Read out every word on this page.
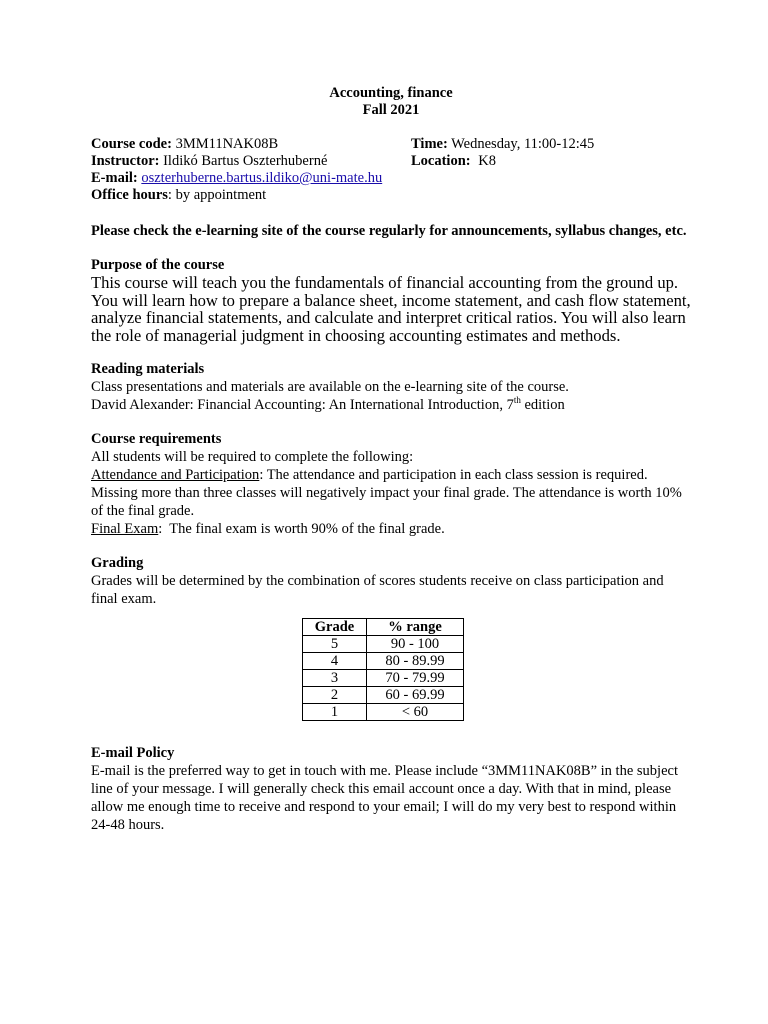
Accounting, finance
Fall 2021
Course code: 3MM11NAK08B	Time: Wednesday, 11:00-12:45
Instructor: Ildikó Bartus Oszterhuberné	Location: K8
E-mail: oszterhuberne.bartus.ildiko@uni-mate.hu
Office hours: by appointment
Please check the e-learning site of the course regularly for announcements, syllabus changes, etc.
Purpose of the course
This course will teach you the fundamentals of financial accounting from the ground up. You will learn how to prepare a balance sheet, income statement, and cash flow statement, analyze financial statements, and calculate and interpret critical ratios. You will also learn the role of managerial judgment in choosing accounting estimates and methods.
Reading materials
Class presentations and materials are available on the e-learning site of the course.
David Alexander: Financial Accounting: An International Introduction, 7th edition
Course requirements
All students will be required to complete the following:
Attendance and Participation: The attendance and participation in each class session is required. Missing more than three classes will negatively impact your final grade. The attendance is worth 10% of the final grade.
Final Exam:  The final exam is worth 90% of the final grade.
Grading
Grades will be determined by the combination of scores students receive on class participation and final exam.
Grade	% range
5	90 - 100
4	80 - 89.99
3	70 - 79.99
2	60 - 69.99
1	< 60
E-mail Policy
E-mail is the preferred way to get in touch with me. Please include “3MM11NAK08B” in the subject line of your message. I will generally check this email account once a day. With that in mind, please allow me enough time to receive and respond to your email; I will do my very best to respond within 24-48 hours.
